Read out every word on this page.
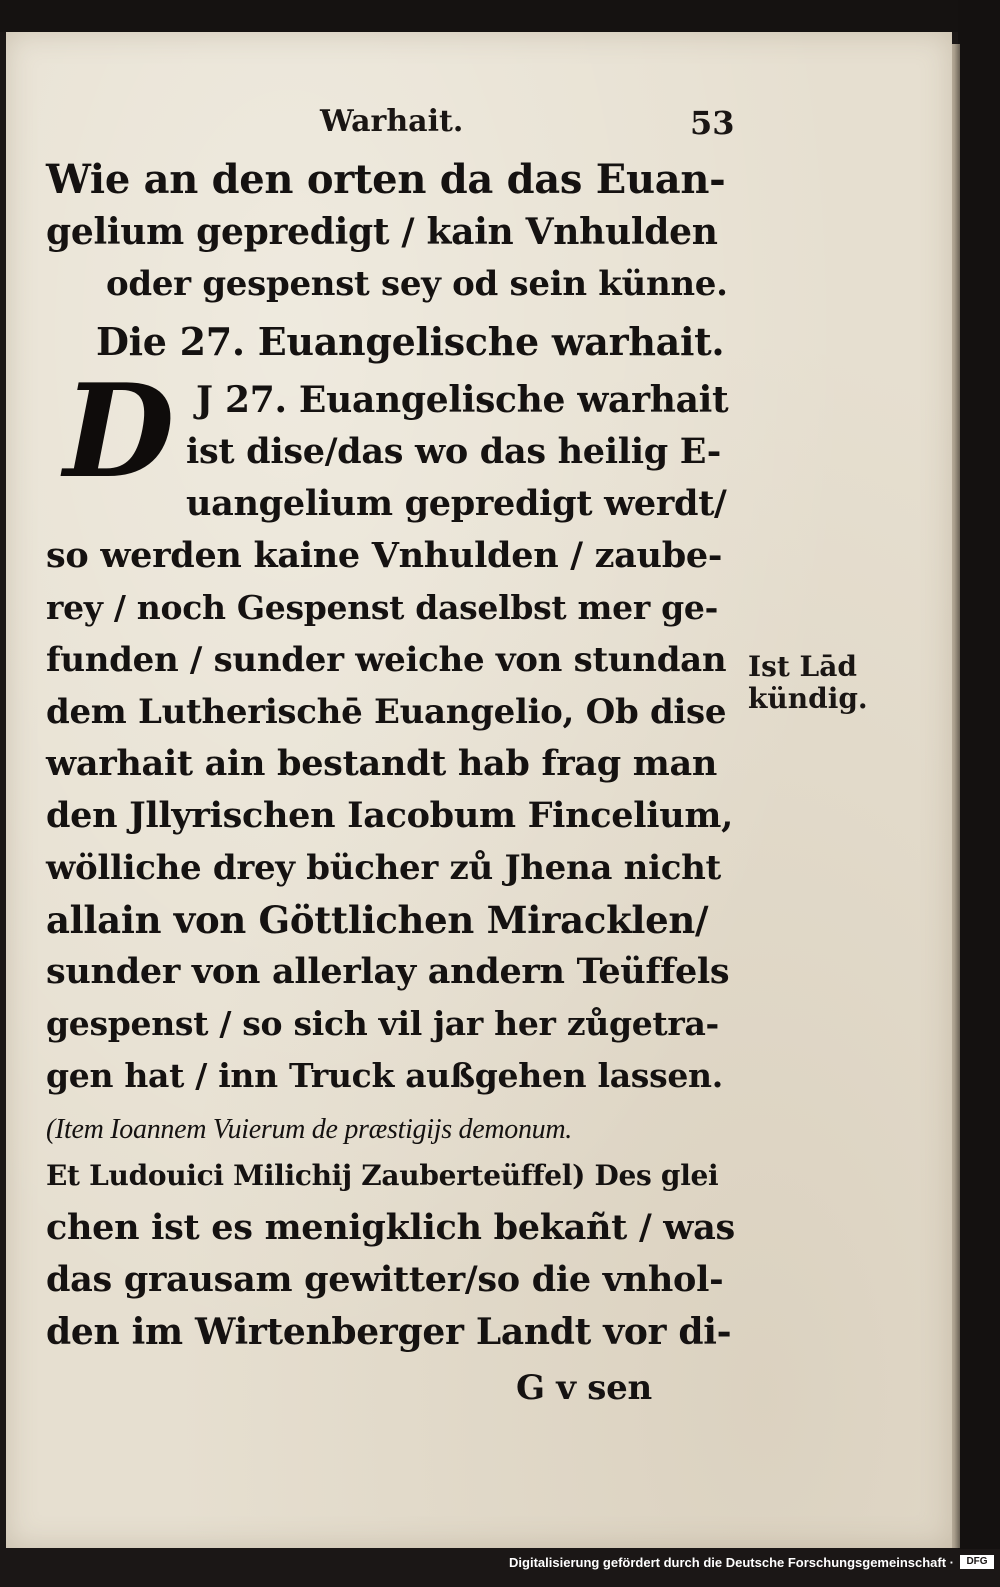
Warhait.	53
Wie an den orten da das Euan-
gelium gepredigt / kain Vnhulden
oder gespenst sey od sein künne.
Die 27. Euangelische warhait.
J 27. Euangelische warhait
ist dise/das wo das heilig E-
uangelium gepredigt werdt/
so werden kaine Vnhulden / zaube-
rey / noch Gespenst daselbst mer ge-
funden / sunder weiche von stundan
dem Lutherischē Euangelio, Ob dise
warhait ain bestandt hab frag man
den Jllyrischen Iacobum Fincelium,
wölliche drey bücher zů Jhena nicht
allain von Göttlichen Miracklen/
sunder von allerlay andern Teüffels
gespenst / so sich vil jar her zůgetra-
gen hat / inn Truck außgehen lassen.
(Item Ioannem Vuierum de præstigijs demonum.
Et Ludouici Milichij Zauberteüffel) Des glei
chen ist es menigklich bekañt / was
das grausam gewitter/so die vnhol-
den im Wirtenberger Landt vor di-
G v sen
D
Ist Lād
kündig.
Digitalisierung gefördert durch die Deutsche Forschungsgemeinschaft ·	DFG
